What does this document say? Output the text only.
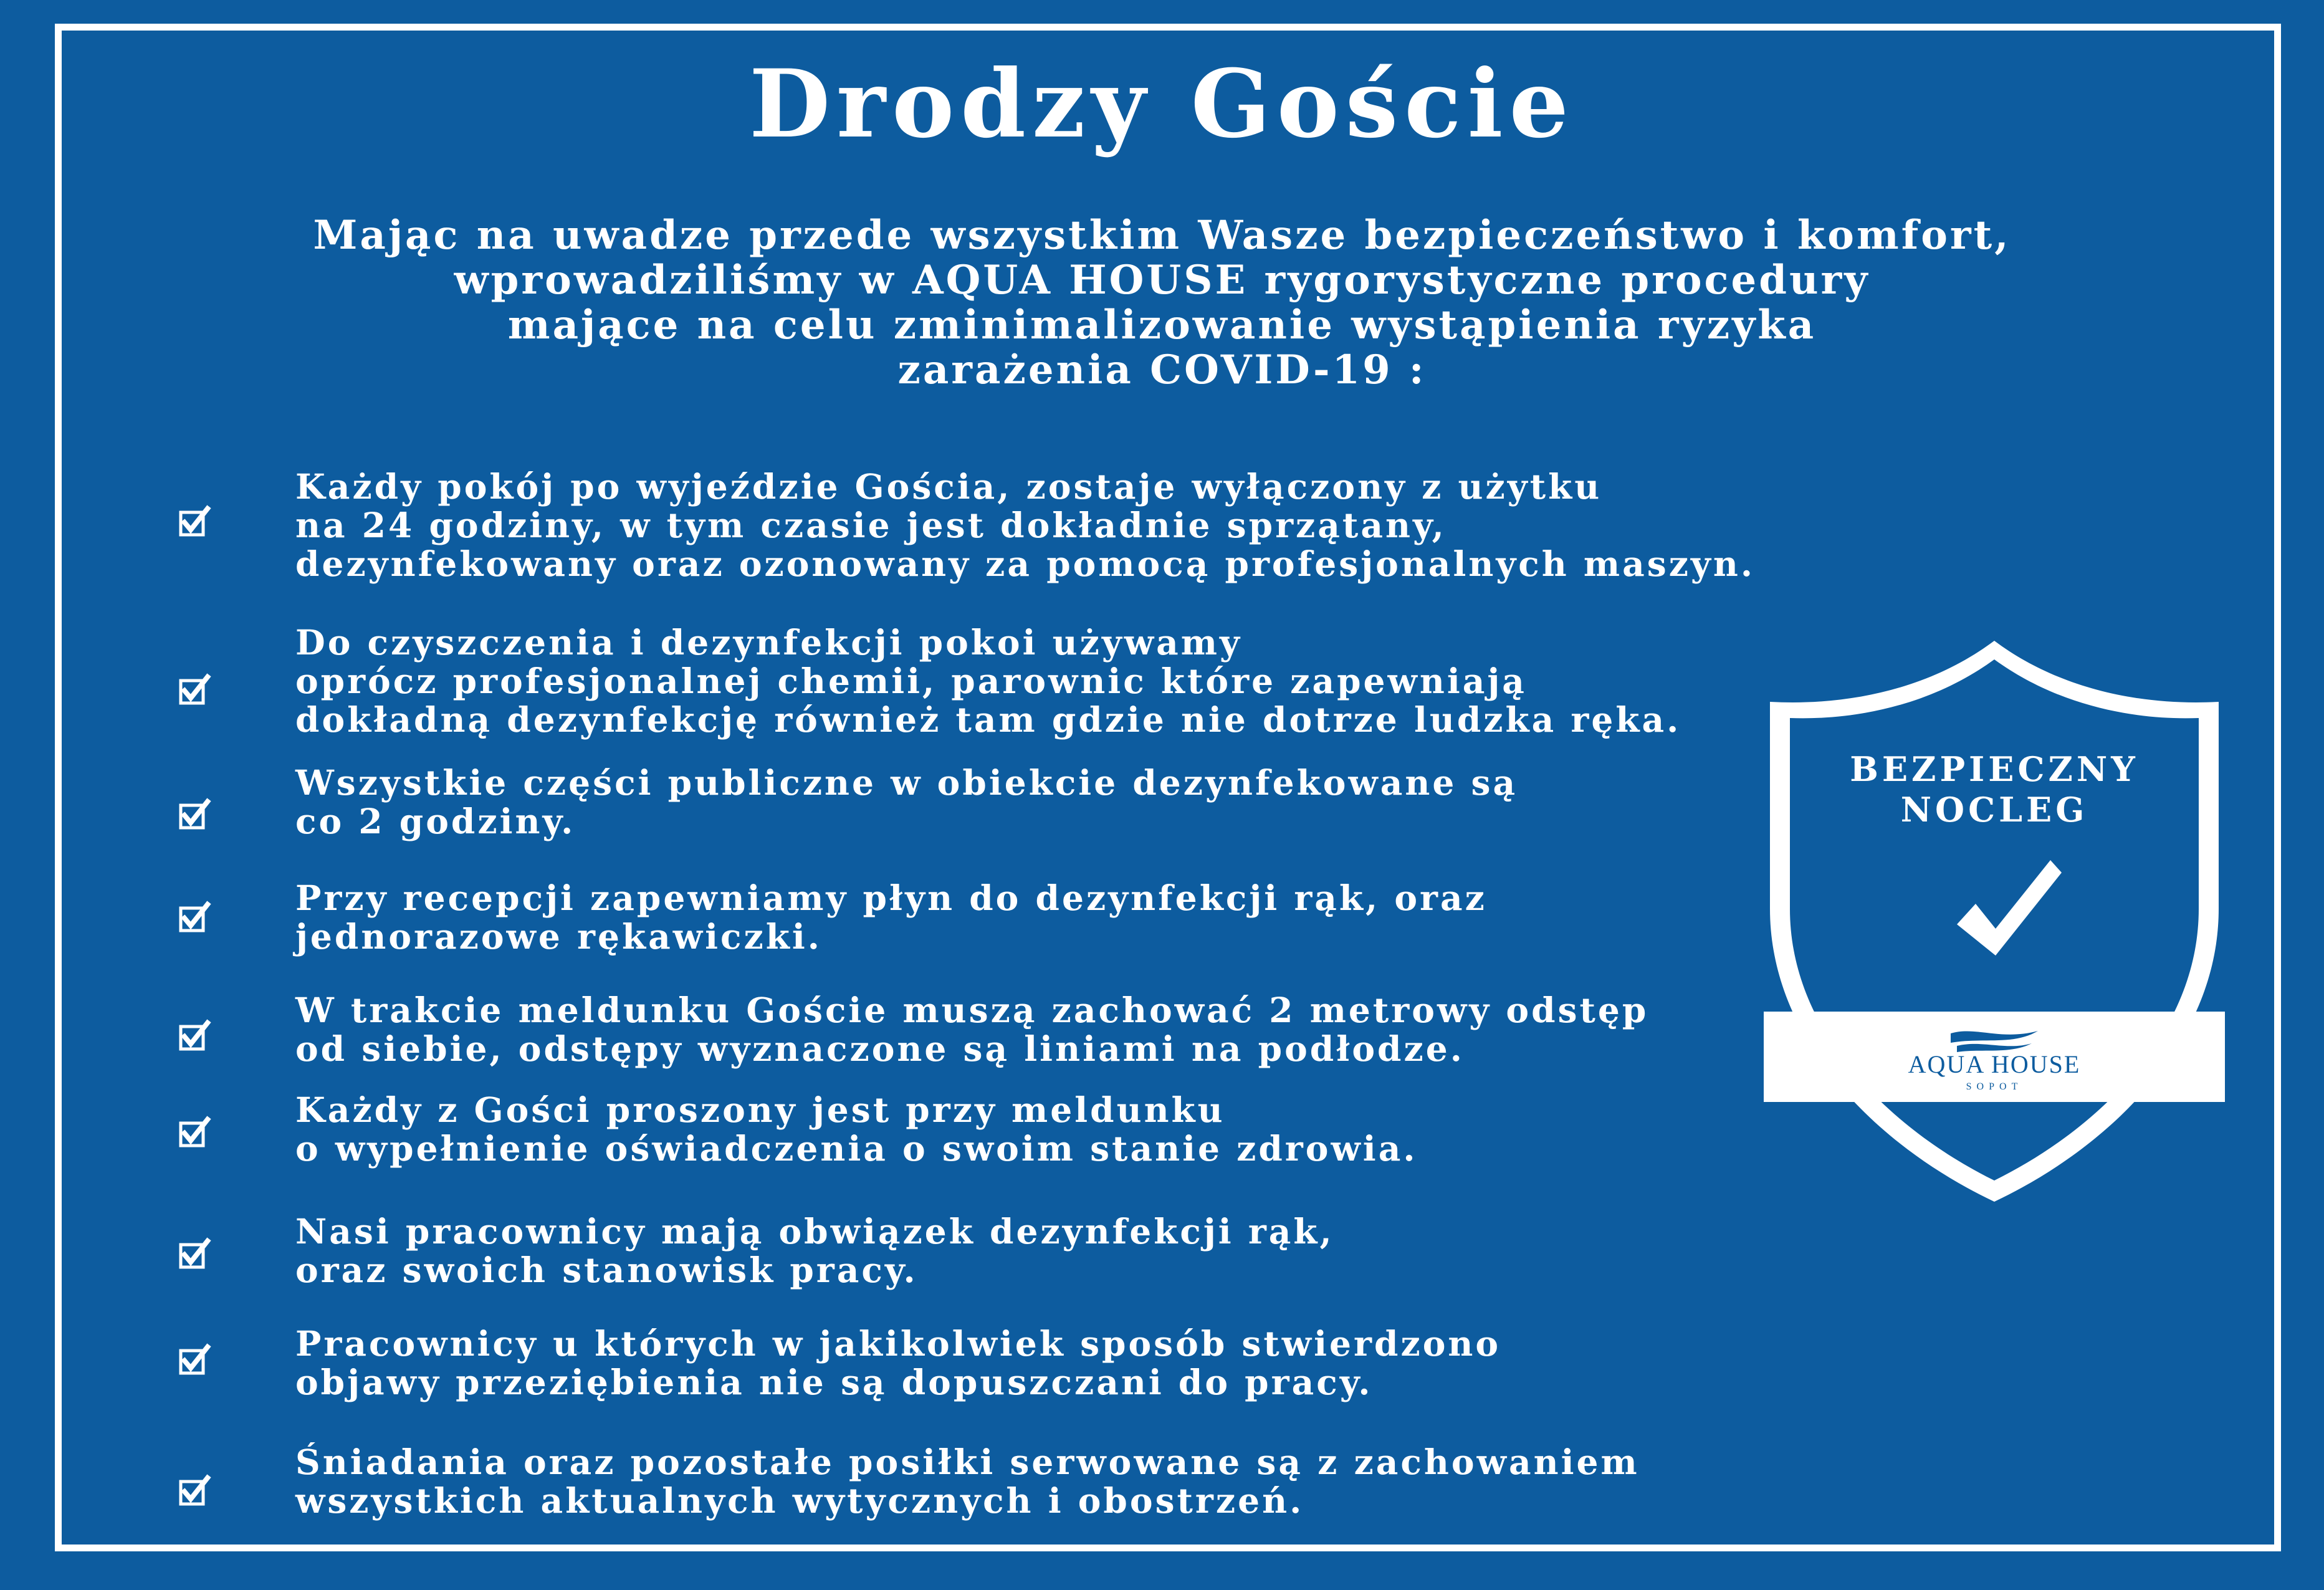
Drodzy Goście
Mając na uwadze przede wszystkim Wasze bezpieczeństwo i komfort,
wprowadziliśmy w AQUA HOUSE rygorystyczne procedury
mające na celu zminimalizowanie wystąpienia ryzyka
zarażenia COVID-19 :
Każdy pokój po wyjeździe Gościa, zostaje wyłączony z użytku
na 24 godziny, w tym czasie jest dokładnie sprzątany,
dezynfekowany oraz ozonowany za pomocą profesjonalnych maszyn.
Do czyszczenia i dezynfekcji pokoi używamy
oprócz profesjonalnej chemii, parownic które zapewniają
dokładną dezynfekcję również tam gdzie nie dotrze ludzka ręka.
Wszystkie części publiczne w obiekcie dezynfekowane są
co 2 godziny.
Przy recepcji zapewniamy płyn do dezynfekcji rąk, oraz
jednorazowe rękawiczki.
W trakcie meldunku Goście muszą zachować 2 metrowy odstęp
od siebie, odstępy wyznaczone są liniami na podłodze.
Każdy z Gości proszony jest przy meldunku
o wypełnienie oświadczenia o swoim stanie zdrowia.
Nasi pracownicy mają obwiązek dezynfekcji rąk,
oraz swoich stanowisk pracy.
Pracownicy u których w jakikolwiek sposób stwierdzono
objawy przeziębienia nie są dopuszczani do pracy.
Śniadania oraz pozostałe posiłki serwowane są z zachowaniem
wszystkich aktualnych wytycznych i obostrzeń.
BEZPIECZNY
NOCLEG
AQUA HOUSE
SOPOT
